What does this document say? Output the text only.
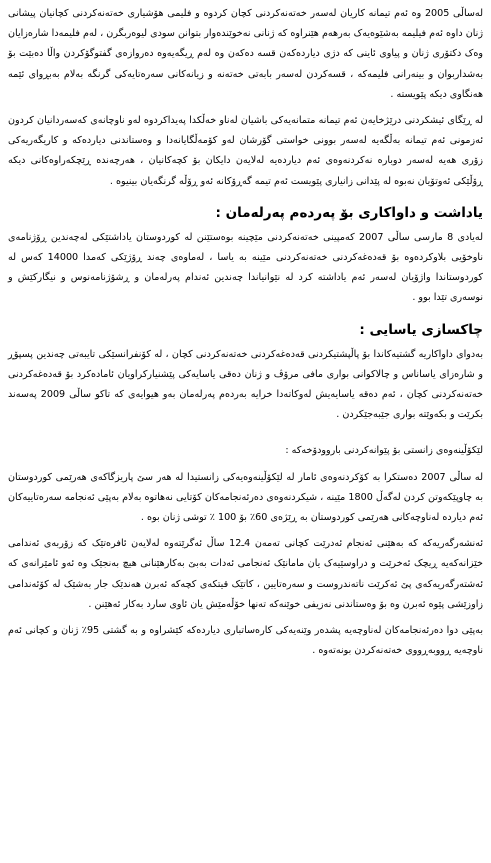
لەساڵی 2005 وە ئەم تیمانە کاریان لەسەر خەتەنەکردنی کچان کردوە و فلیمی هۆشیاری خەتەنەکردنی کچانیان پیشانی ژنان داوە ئەم فیلیمە بەشێوەیەک بەرهەم هێنراوە کە ژنانی نەخوێندەوار بتوانن سودی لیوەربگرن ، لەم فلیمەدا شارەزایان وەک دکتۆری ژنان و پیاوی ئاینی کە دژی دیاردەکەن قسە دەکەن وە لەم ڕیگەیەوە دەروازەی گفتوگۆکردن واڵا دەبێت بۆ بەشداربوان و بینەرانی فلیمەکە ، قسەکردن لەسەر بابەتی خەتەنە و زیانەکانی سەرەتایەکی گرنگە بەلام بەبڕوای ئێمە هەنگاوی دیکە پێویستە .

لە ڕێگای ئیشکردنی درێژخایەن ئەم تیمانە متمانەیەکی باشیان لەناو خەڵکدا پەیداکردوە لەو ناوچانەی کەسەردانیان کردون ئەزمونی ئەم تیمانە بەڵگەیە لەسەر بوونی خواستی گۆرشان لەو کۆمەڵگایانەدا و وەستاندنی دیاردەکە و کاریگەریەکی زۆری هەیە لەسەر دوبارە نەکردنەوەی ئەم دیاردەیە لەلایەن دایکان بۆ کچەکانیان ، هەرچەندە ڕێچکەراوەکانی دیکە ڕۆڵێکی ئەوتۆیان نەبوە لە پێدانی زانیاری پێویست ئەم تیمە گەڕۆکانە ئەو ڕۆڵە گرنگەیان بینیوە .

یاداشت و داواکاری بۆ پەردەم پەرلەمان :

لەیادی 8 مارسی ساڵی 2007 کەمپینی خەتەنەکردنی مێچینە بوەستێنن لە کوردوستان یاداشتێکی لەچەندین ڕۆژنامەی ناوخۆیی بلاوکردەوە بۆ قەدەغەکردنی خەتەنەکردنی مێینە بە یاسا ، لەماوەی چەند ڕۆژێکی کەمدا 14000 کەس لە کوردوستاندا واژۆیان لەسەر ئەم یاداشتە کرد لە نێوانیاندا چەندین ئەندام پەرلەمان و ڕشۆژنامەنوس و نیگارکێش و نوسەری تێدا بوو .

چاکسازی یاسایی :

بەدوای داواکاریە گشتیەکاندا بۆ پاڵپشتیکردنی قەدەغەکردنی خەتەنەکردنی کچان ، لە کۆنفرانسێکی تایبەتی چەندین پسپۆڕ و شارەزای یاساناس و چالاکوانی بواری مافی مرۆڤ و ژنان دەقی یاسایەکی پێشنیارکراویان ئامادەکرد بۆ قەدەغەکردنی خەتەنەکردنی کچان ، ئەم دەقە یاسایەیش لەوکاتەدا خرایە بەردەم پەرلەمان بەو هیوایەی کە تاکو ساڵی 2009 پەسەند بکرێت و بکەوێتە بواری جێبەجێکردن .

لێکۆڵینەوەی زانستی بۆ پێوانەکردنی باروودۆخەکە :

لە ساڵی 2007 دەستکرا بە کۆکردنەوەی ئامار لە لێکۆڵینەوەیەکی زانستیدا لە هەر سێ پاریزگاکەی هەرێمی کوردوستان بە چاوپێکەوتن کردن لەگەڵ 1800 مێینە ، شیکردنەوەی دەرئەنجامەکان کۆتایی نەهاتوە بەلام بەپێی ئەنجامە سەرەتاییەکان ئەم دیاردە لەناوچەکانی هەرێمی کوردوستان بە ڕێژەی 60٪ بۆ 100 ٪ توشی ژنان بوە .

ئەنشەرگەریەکە کە بەهێنی ئەنجام ئەدرێت کچانی تەمەن 4ـ12 ساڵ ئەگرێتەوە لەلایەن ئافرەتێک کە زۆربەی ئەندامی خێزانەکەیە ڕیچک ئەخرێت و دراوسێیەک یان مامانێک ئەنجامی ئەدات بەبێ بەکارهێنانی هیچ بەنجێک وە ئەو ئامێرانەی کە ئەشتەرگەریەکەی پێ ئەکرێت ناتەندروست و سەرەتایین ، کاتێک قیتکەی کچەکە ئەبرن هەندێک جار بەشێک لە کۆئەندامی زاوزێشی پێوە ئەبرن وە بۆ وەستاندنی نەزیفی خوێنەکە تەنها خۆڵەمێش یان ئاوی سارد بەکار ئەهێنن .

بەپێی دوا دەرئەنجامەکان لەناوچەیە پشدەر وێنەیەکی کارەساتباری دیاردەکە کێشراوە و بە گشتی 95٪ ژنان و کچانی ئەم ناوچەیە ڕووبەڕووی خەتەنەکردن بونەتەوە .
